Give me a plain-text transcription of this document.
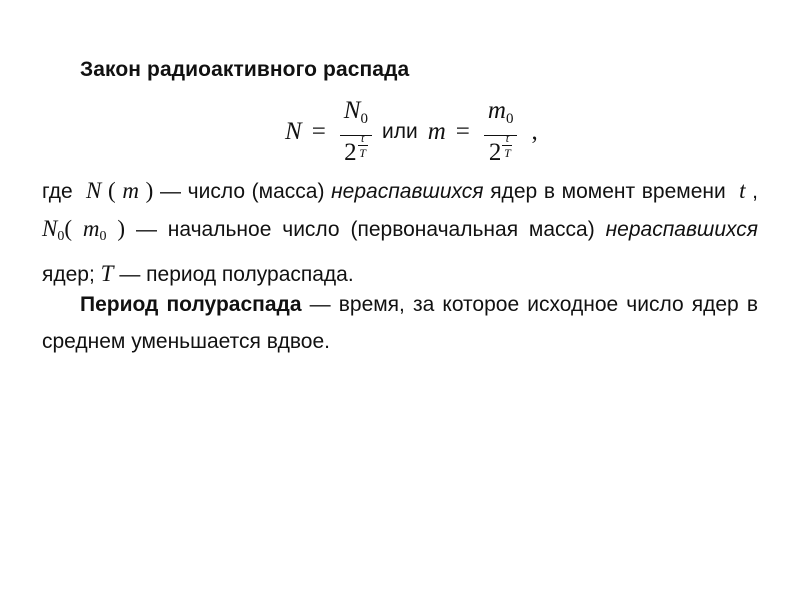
Закон радиоактивного распада
$N = N_0$
2
t
T или $m = m_0$
2
t
T ,
где N ( m ) — число (масса) нераспавшихся ядер в момент времени t , N0( m0 ) — начальное число (первоначальная масса) нераспавшихся ядер; T — период полураспада.
Период полураспада — время, за которое исходное число ядер в среднем уменьшается вдвое.
